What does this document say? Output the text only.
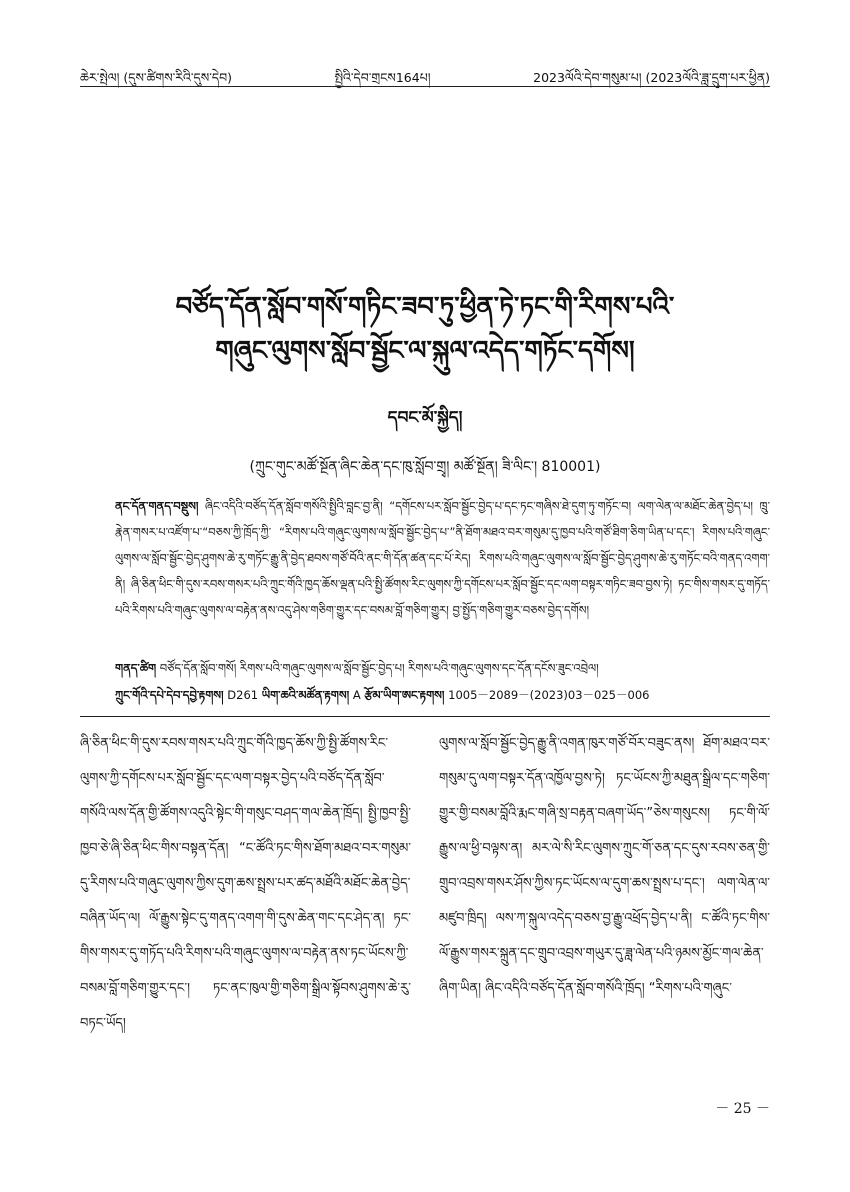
ཆེར་སྤེལ། (དུས་ཚིགས་རིའི་དུས་དེབ)	སྤྱིའི་དེབ་གྲངས164པ།	2023ལོའི་དེབ་གསུམ་པ། (2023ལོའི་ཟླ་དྲུག་པར་ཕྱིན)
བཙོད་དོན་སློབ་གསོ་གཏིང་ཟབ་ཏུ་ཕྱིན་ཏེ་ཏང་གི་རིགས་པའི་
གཞུང་ལུགས་སློབ་སྦྱོང་ལ་སྐུལ་འདེད་གཏོང་དགོས།
དབང་མོ་སྐྱིད།
(ཀྲུང་གུང་མཚོ་སྔོན་ཞིང་ཆེན་དང་ཁུ་སློབ་གྲྭ། མཚོ་སྔོན། ཟི་ལིང་། 810001)
ནང་དོན་གནད་བསྡུས། ཞིང་འདིའི་བཙོད་དོན་སློབ་གསོའི་སྤྱིའི་བླང་བྱ་ནི། “དགོངས་པར་སློབ་སྦྱོང་བྱེད་པ་དང་ཏང་གཞིས་ཐེ་དུག་ཏུ་གཏོང་བ། ལག་ལེན་ལ་མཐོང་ཆེན་བྱེད་པ། ཁྲུ་རྣེན་གསར་པ་འཛོག་པ་“བཅས་ཀྱི་ཁྲོད་ཀྱི་ “རིགས་པའི་གཞུང་ལུགས་ལ་སློབ་སྦྱོང་བྱེད་པ་”ནི་ཐོག་མཐའ་བར་གསུམ་དུ་ཁྱབ་པའི་གཙོ་ཐིག་ཅིག་ཡིན་པ་དང་། རིགས་པའི་གཞུང་ལུགས་ལ་སློབ་སྦྱོང་བྱེད་ཤུགས་ཆེ་རུ་གཏོང་རྒྱུ་ནི་བྱེད་ཐབས་གཙོ་བོའི་ནང་གི་དོན་ཚན་དང་པོ་རེད། རིགས་པའི་གཞུང་ལུགས་ལ་སློབ་སྦྱོང་བྱེད་ཤུགས་ཆེ་རུ་གཏོང་བའི་གནད་འགག་ནི། ཞི་ཅིན་ཕིང་གི་དུས་རབས་གསར་པའི་ཀྲུང་གོའི་ཁྱད་ཆོས་ལྡན་པའི་སྤྱི་ཚོགས་རིང་ལུགས་ཀྱི་དགོངས་པར་སློབ་སྦྱོང་དང་ལག་བསྟར་གཏིང་ཟབ་བྱས་ཏེ། ཏང་གིས་གསར་དུ་གཏོད་པའི་རིགས་པའི་གཞུང་ལུགས་ལ་བརྟེན་ནས་འདུ་ཤེས་གཅིག་གྱུར་དང་བསམ་བློ་གཅིག་གྱུར། བྱ་སྤྱོད་གཅིག་གྱུར་བཅས་བྱེད་དགོས།
གནད་ཚིག བཙོད་དོན་སློབ་གསོ། རིགས་པའི་གཞུང་ལུགས་ལ་སློབ་སྦྱོང་བྱེད་པ། རིགས་པའི་གཞུང་ལུགས་དང་དོན་དངོས་ཟུང་འབྲེལ།
ཀྲུང་གོའི་དཔེ་དེབ་དབྱེ་རྟགས། D261 ཡིག་ཆའི་མཚོན་རྟགས། A རྩོམ་ཡིག་ཨང་རྟགས། 1005－2089－(2023)03－025－006

ཞི་ཅིན་ཕིང་གི་དུས་རབས་གསར་པའི་ཀྲུང་གོའི་ཁྱད་ཆོས་ཀྱི་སྤྱི་ཚོགས་རིང་ལུགས་ཀྱི་དགོངས་པར་སློབ་སྦྱོང་དང་ལག་བསྟར་བྱེད་པའི་བཙོད་དོན་སློབ་གསོའི་ལས་དོན་གྱི་ཚོགས་འདུའི་སྟེང་གི་གསུང་བཤད་གལ་ཆེན་ཁྲོད། སྤྱི་ཁྱབ་སྤྱི་ཁྱབ་ཅེ་ཞི་ཅིན་ཕིང་གིས་བསྟན་དོན། “ང་ཚོའི་ཏང་གིས་ཐོག་མཐའ་བར་གསུམ་དུ་རིགས་པའི་གཞུང་ལུགས་ཀྱིས་དུག་ཆས་སྤྲས་པར་ཚད་མཐོའི་མཐོང་ཆེན་བྱེད་བཞིན་ཡོད་ལ། ལོ་རྒྱུས་སྟེང་དུ་གནད་འགག་གི་དུས་ཆེན་གང་དང་ཤེད་ན། ཏང་གིས་གསར་དུ་གཏོད་པའི་རིགས་པའི་གཞུང་ལུགས་ལ་བརྟེན་ནས་ཏང་ཡོངས་ཀྱི་བསམ་བློ་གཅིག་གྱུར་དང་། ཏང་ནང་ཁུལ་གྱི་གཅིག་སྒྲིལ་སྟོབས་ཤུགས་ཆེ་རུ་བཏང་ཡོད།

ལུགས་ལ་སློབ་སྦྱོང་བྱེད་རྒྱུ་ནི་འགན་ཁུར་གཙོ་བོར་བཟུང་ནས། ཐོག་མཐའ་བར་གསུམ་དུ་ལག་བསྟར་དོན་འཁྱོལ་བྱས་ཏེ། ཏང་ཡོངས་ཀྱི་མཐུན་སྒྲིལ་དང་གཅིག་གྱུར་གྱི་བསམ་བློའི་རྨང་གཞི་སྲ་བརྟན་བཞག་ཡོད་”ཅེས་གསུངས། ཏང་གི་ལོ་རྒྱུས་ལ་ཕྱི་བལྟས་ན། མར་ལེ་སི་རིང་ལུགས་ཀྲུང་གོ་ཅན་དང་དུས་རབས་ཅན་གྱི་གྲུབ་འབྲས་གསར་ཤོས་ཀྱིས་ཏང་ཡོངས་ལ་དུག་ཆས་སྤྲས་པ་དང་། ལག་ལེན་ལ་མཛུབ་ཁྲིད། ལས་ཀ་སྐུལ་འདེད་བཅས་བྱ་རྒྱུ་འཕྲོད་བྱེད་པ་ནི། ང་ཚོའི་ཏང་གིས་ལོ་རྒྱུས་གསར་སྐྲུན་དང་གྲུབ་འབྲས་གཡུར་དུ་ཟླ་ལེན་པའི་ཉམས་མྱོང་གལ་ཆེན་ཞིག་ཡིན། ཞིང་འདིའི་བཙོད་དོན་སློབ་གསོའི་ཁྲོད། “རིགས་པའི་གཞུང་

－ 25 －
